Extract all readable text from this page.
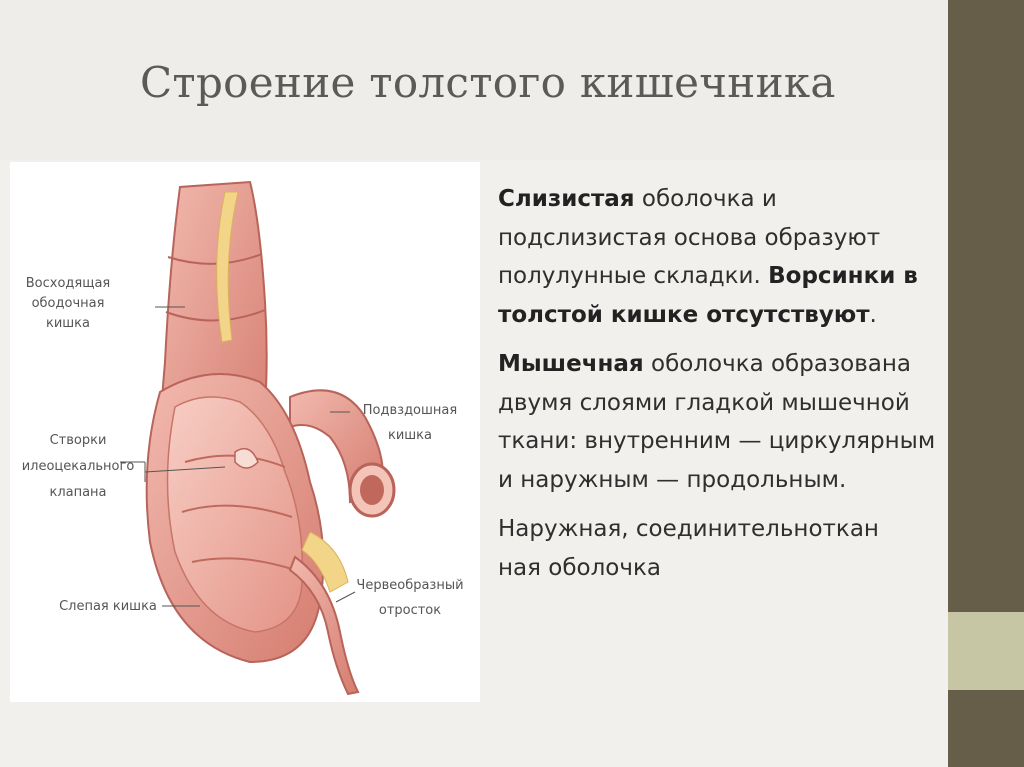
Строение толстого кишечника
Восходящая
ободочная
кишка
Створки
илеоцекального
клапана
Слепая кишка
Подвздошная
кишка
Червеобразный
отросток

Слизистая оболочка и подслизистая основа образуют полулунные складки. Ворсинки в толстой кишке отсутствуют.

Мышечная оболочка образована двумя слоями гладкой мышечной ткани: внутренним — циркулярным и наружным — продольным.

Наружная, соединительноткан
ная оболочка
